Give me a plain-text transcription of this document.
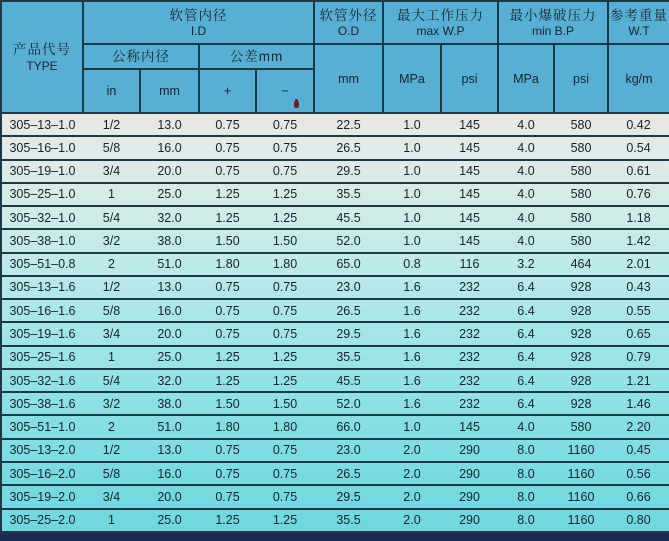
产品代号
TYPE

软管内径
I.D

软管外径
O.D

最大工作压力
max W.P

最小爆破压力
min B.P

参考重量
W.T

	公称内径		公差mm		mm	MPa	psi	MPa	psi	kg/m
	in	mm	+	−						

305–13–1.0	1/2	13.0	0.75	0.75	22.5	1.0	145	4.0	580	0.42
305–16–1.0	5/8	16.0	0.75	0.75	26.5	1.0	145	4.0	580	0.54
305–19–1.0	3/4	20.0	0.75	0.75	29.5	1.0	145	4.0	580	0.61
305–25–1.0	1	25.0	1.25	1.25	35.5	1.0	145	4.0	580	0.76
305–32–1.0	5/4	32.0	1.25	1.25	45.5	1.0	145	4.0	580	1.18
305–38–1.0	3/2	38.0	1.50	1.50	52.0	1.0	145	4.0	580	1.42
305–51–0.8	2	51.0	1.80	1.80	65.0	0.8	116	3.2	464	2.01
305–13–1.6	1/2	13.0	0.75	0.75	23.0	1.6	232	6.4	928	0.43
305–16–1.6	5/8	16.0	0.75	0.75	26.5	1.6	232	6.4	928	0.55
305–19–1.6	3/4	20.0	0.75	0.75	29.5	1.6	232	6.4	928	0.65
305–25–1.6	1	25.0	1.25	1.25	35.5	1.6	232	6.4	928	0.79
305–32–1.6	5/4	32.0	1.25	1.25	45.5	1.6	232	6.4	928	1.21
305–38–1.6	3/2	38.0	1.50	1.50	52.0	1.6	232	6.4	928	1.46
305–51–1.0	2	51.0	1.80	1.80	66.0	1.0	145	4.0	580	2.20
305–13–2.0	1/2	13.0	0.75	0.75	23.0	2.0	290	8.0	1160	0.45
305–16–2.0	5/8	16.0	0.75	0.75	26.5	2.0	290	8.0	1160	0.56
305–19–2.0	3/4	20.0	0.75	0.75	29.5	2.0	290	8.0	1160	0.66
305–25–2.0	1	25.0	1.25	1.25	35.5	2.0	290	8.0	1160	0.80
